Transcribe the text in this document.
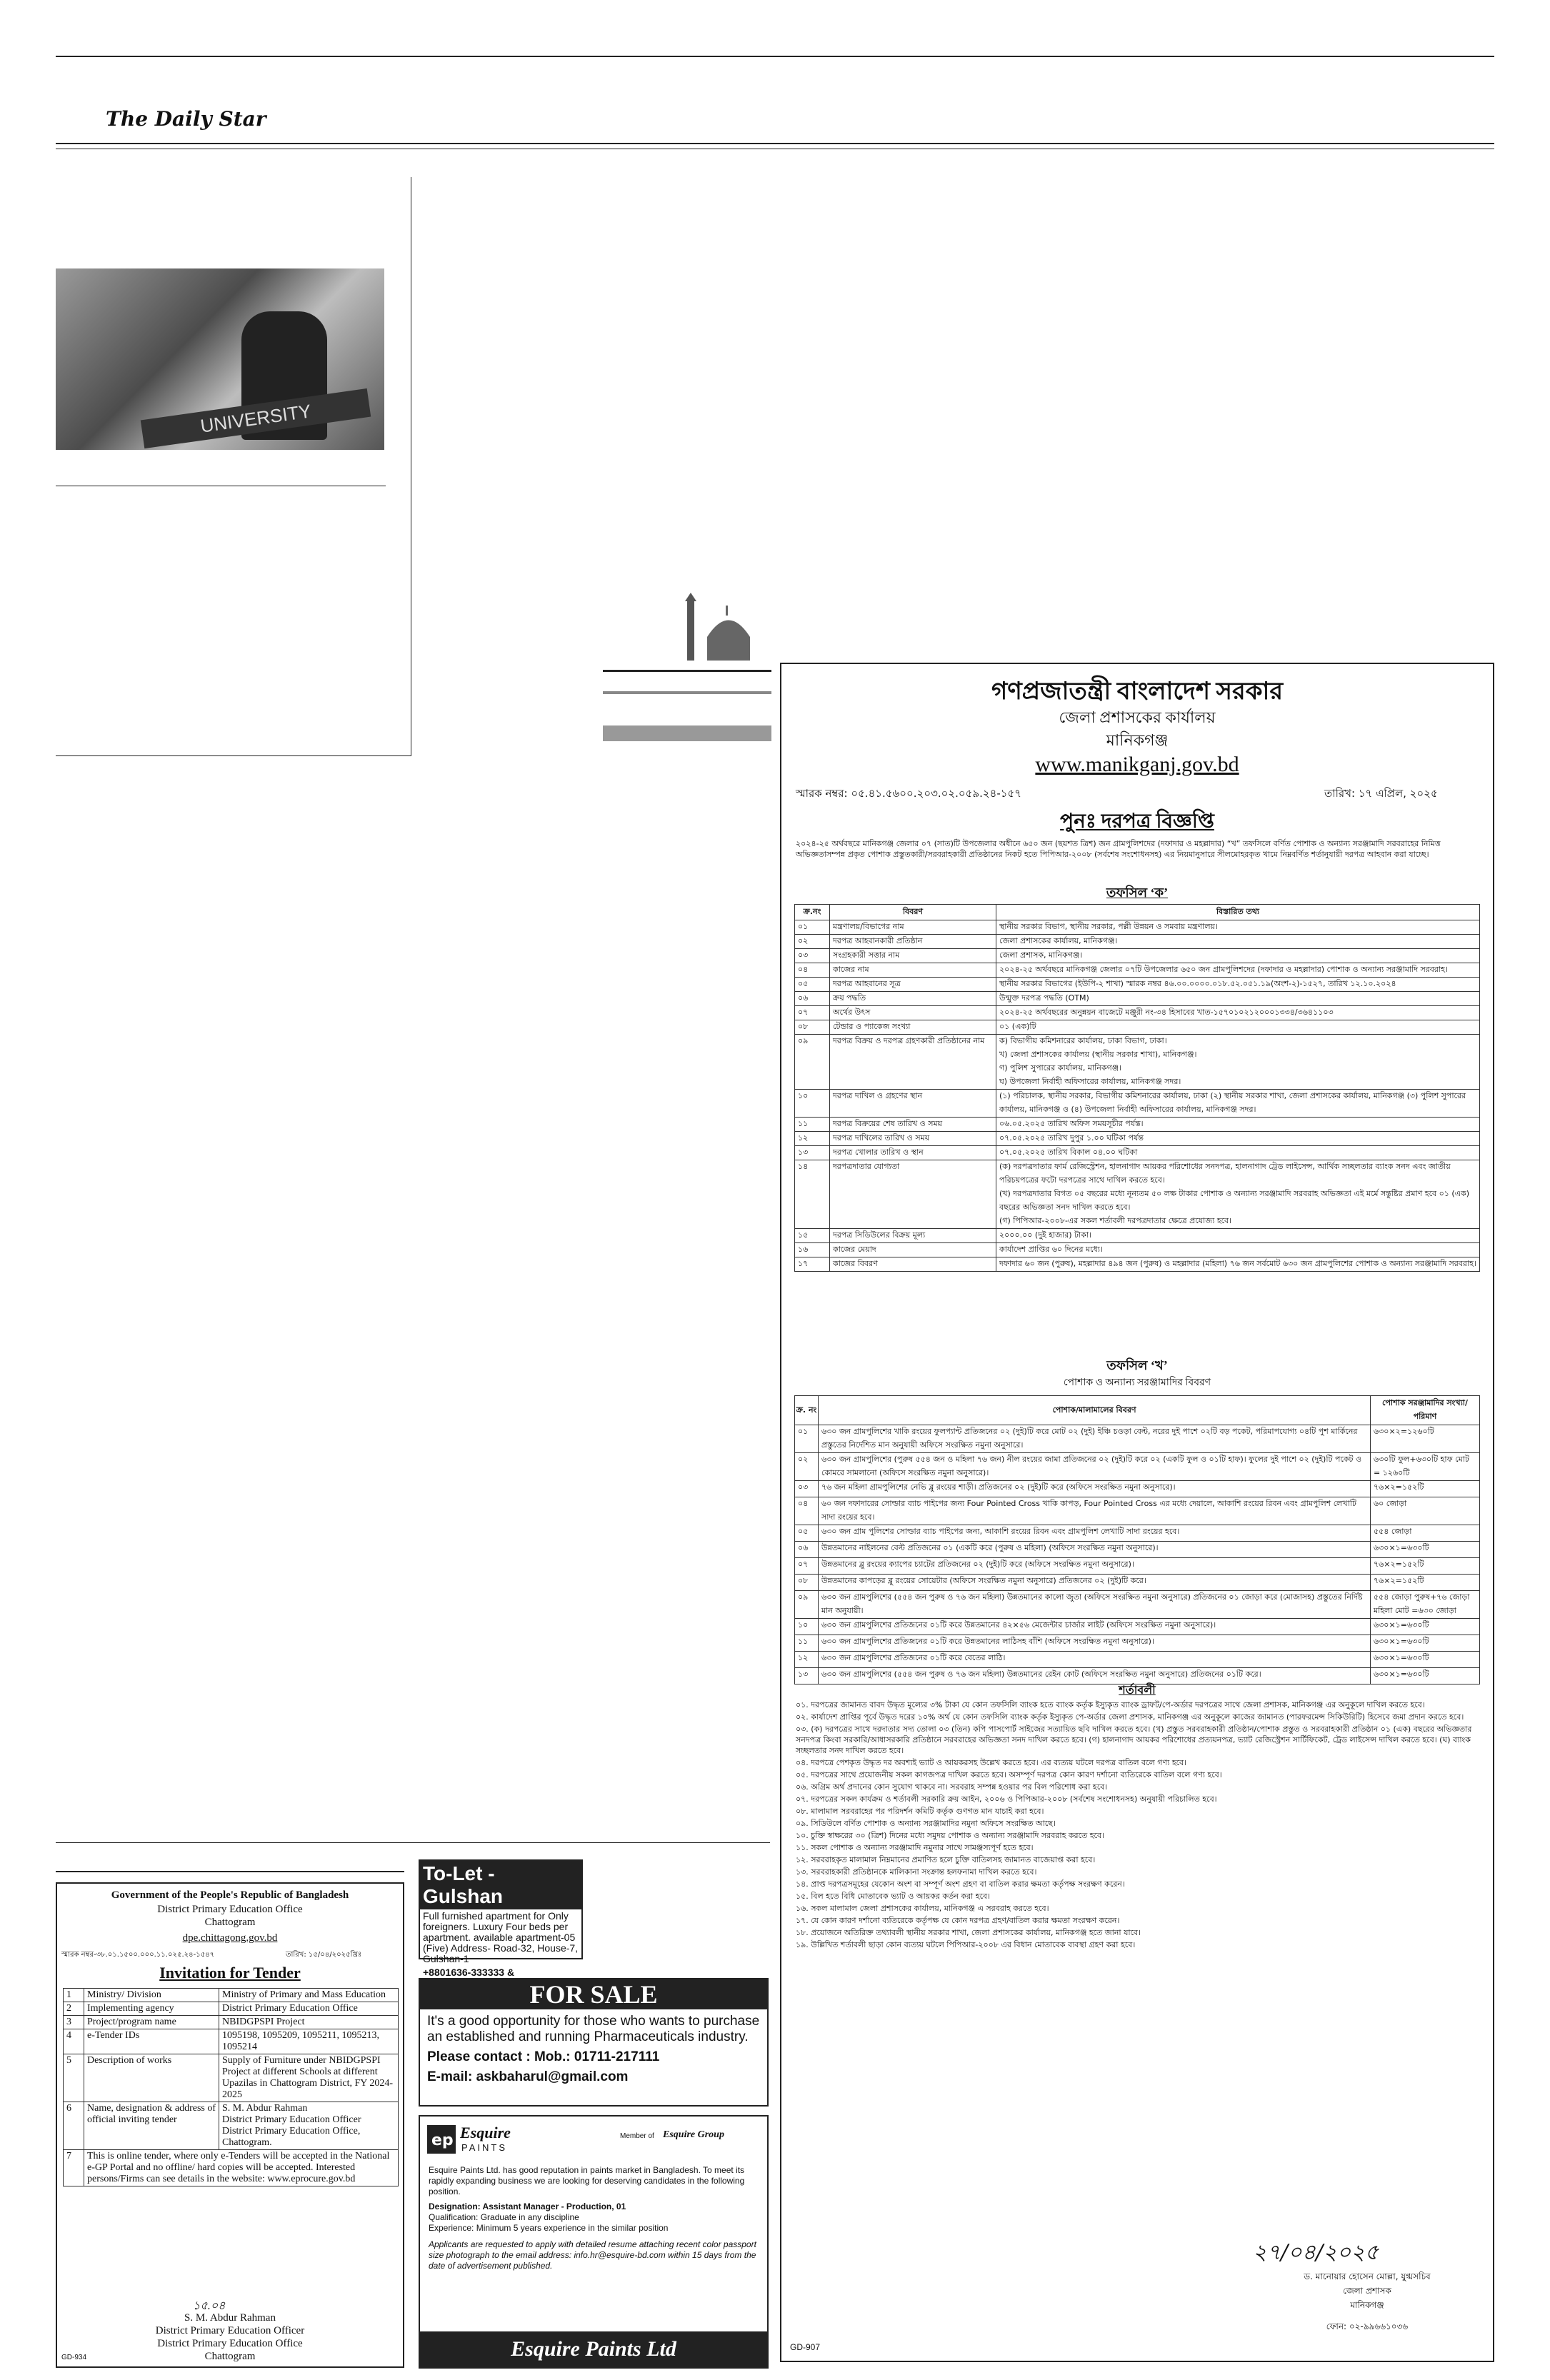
The Daily Star
UNIVERSITY
গণপ্রজাতন্ত্রী বাংলাদেশ সরকার
জেলা প্রশাসকের কার্যালয়
মানিকগঞ্জ
www.manikganj.gov.bd
স্মারক নম্বর: ০৫.৪১.৫৬০০.২০৩.০২.০৫৯.২৪-১৫৭	তারিখ: ১৭ এপ্রিল, ২০২৫
পুনঃ দরপত্র বিজ্ঞপ্তি
২০২৪-২৫ অর্থবছরে মানিকগঞ্জ জেলার ০৭ (সাত)টি উপজেলার অধীনে ৬৫০ জন (ছয়শত ত্রিশ) জন গ্রামপুলিশদের (দফাদার ও মহল্লাদার) “খ” তফসিলে বর্ণিত পোশাক ও অন্যান্য সরঞ্জামাদি সরবরাহের নিমিত্ত অভিজ্ঞতাসম্পন্ন প্রকৃত পোশাক প্রস্তুতকারী/সরবরাহকারী প্রতিষ্ঠানের নিকট হতে পিপিআর-২০০৮ (সর্বশেষ সংশোধনসহ) এর নিয়মানুসারে সীলমোহরকৃত খামে নিম্নবর্ণিত শর্তানুযায়ী দরপত্র আহবান করা যাচ্ছে।
তফসিল ‘ক’
ক্র.নং	বিবরণ	বিস্তারিত তথ্য
০১	মন্ত্রণালয়/বিভাগের নাম	স্থানীয় সরকার বিভাগ, স্থানীয় সরকার, পল্লী উন্নয়ন ও সমবায় মন্ত্রণালয়।
০২	দরপত্র আহবানকারী প্রতিষ্ঠান	জেলা প্রশাসকের কার্যালয়, মানিকগঞ্জ।
০৩	সংগ্রহকারী সত্তার নাম	জেলা প্রশাসক, মানিকগঞ্জ।
০৪	কাজের নাম	২০২৪-২৫ অর্থবছরে মানিকগঞ্জ জেলার ০৭টি উপজেলার ৬৫০ জন গ্রামপুলিশদের (দফাদার ও মহল্লাদার) পোশাক ও অন্যান্য সরঞ্জামাদি সরবরাহ।
০৫	দরপত্র আহবানের সূত্র	স্থানীয় সরকার বিভাগের (ইউপি-২ শাখা) স্মারক নম্বর ৪৬.০০.০০০০.০১৮.৫২.০৫১.১৯(অংশ-২)-১৫২৭, তারিখ ১২.১০.২০২৪
০৬	ক্রয় পদ্ধতি	উন্মুক্ত দরপত্র পদ্ধতি (OTM)
০৭	অর্থের উৎস	২০২৪-২৫ অর্থবছরের অনুন্নয়ন বাজেটে মঞ্জুরী নং-৩৪ হিসাবের খাত-১৫৭০১০২১২০০০১৩৩৪/৩৬৪১১০৩
০৮	টেন্ডার ও প্যাকেজ সংখ্যা	০১ (এক)টি
০৯	দরপত্র বিক্রয় ও দরপত্র গ্রহণকারী প্রতিষ্ঠানের নাম	ক) বিভাগীয় কমিশনারের কার্যালয়, ঢাকা বিভাগ, ঢাকা।
খ) জেলা প্রশাসকের কার্যালয় (স্থানীয় সরকার শাখা), মানিকগঞ্জ।
গ) পুলিশ সুপারের কার্যালয়, মানিকগঞ্জ।
ঘ) উপজেলা নির্বাহী অফিসারের কার্যালয়, মানিকগঞ্জ সদর।
১০	দরপত্র দাখিল ও গ্রহণের স্থান	(১) পরিচালক, স্থানীয় সরকার, বিভাগীয় কমিশনারের কার্যালয়, ঢাকা (২) স্থানীয় সরকার শাখা, জেলা প্রশাসকের কার্যালয়, মানিকগঞ্জ (৩) পুলিশ সুপারের কার্যালয়, মানিকগঞ্জ ও (৪) উপজেলা নির্বাহী অফিসারের কার্যালয়, মানিকগঞ্জ সদর।
১১	দরপত্র বিক্রয়ের শেষ তারিখ ও সময়	০৬.০৫.২০২৫ তারিখ অফিস সময়সূচীর পর্যন্ত।
১২	দরপত্র দাখিলের তারিখ ও সময়	০৭.০৫.২০২৫ তারিখ দুপুর ১.০০ ঘটিকা পর্যন্ত
১৩	দরপত্র খোলার তারিখ ও স্থান	০৭.০৫.২০২৫ তারিখ বিকাল ০৪.০০ ঘটিকা
১৪	দরপত্রদাতার যোগ্যতা	(ক) দরপত্রদাতার ফার্ম রেজিস্ট্রেশন, হালনাগাদ আয়কর পরিশোধের সনদপত্র, হালনাগাদ ট্রেড লাইসেন্স, আর্থিক সচ্ছলতার ব্যাংক সনদ এবং জাতীয় পরিচয়পত্রের ফটো দরপত্রের সাথে দাখিল করতে হবে।
(খ) দরপত্রদাতার বিগত ০৫ বছরের মধ্যে নূন্যতম ৫০ লক্ষ টাকার পোশাক ও অন্যান্য সরঞ্জামাদি সরবরাহ অভিজ্ঞতা এই মর্মে সন্তুষ্টির প্রমাণ হবে ০১ (এক) বছরের অভিজ্ঞতা সনদ দাখিল করতে হবে।
(গ) পিপিআর-২০০৮-এর সকল শর্তাবলী দরপত্রদাতার ক্ষেত্রে প্রযোজ্য হবে।
১৫	দরপত্র সিডিউলের বিক্রয় মূল্য	২০০০.০০ (দুই হাজার) টাকা।
১৬	কাজের মেয়াদ	কার্যাদেশ প্রাপ্তির ৬০ দিনের মধ্যে।
১৭	কাজের বিবরণ	দফাদার ৬০ জন (পুরুষ), মহল্লাদার ৪৯৪ জন (পুরুষ) ও মহল্লাদার (মহিলা) ৭৬ জন সর্বমোট ৬৩০ জন গ্রামপুলিশের পোশাক ও অন্যান্য সরঞ্জামাদি সরবরাহ।
তফসিল ‘খ’
পোশাক ও অন্যান্য সরঞ্জামাদির বিবরণ
ক্র. নং	পোশাক/মালামালের বিবরণ	পোশাক সরঞ্জামাদির সংখ্যা/পরিমাণ
০১	৬৩০ জন গ্রামপুলিশের খাকি রংয়ের ফুলপ্যান্ট প্রতিজনের ০২ (দুই)টি করে মোট ০২ (দুই) ইঞ্চি চওড়া বেল্ট, নরের দুই পাশে ০২টি বড় পকেট, পরিমাপযোগ্য ০৪টি পুশ মার্কিনের প্রস্তুতের নির্দেশিত মান অনুযায়ী অফিসে সংরক্ষিত নমুনা অনুসারে।	৬৩০×২=১২৬০টি
০২	৬৩০ জন গ্রামপুলিশের (পুরুষ ৫৫৪ জন ও মহিলা ৭৬ জন) নীল রংয়ের জামা প্রতিজনের ০২ (দুই)টি করে ০২ (একটি ফুল ও ০১টি হাফ)। ফুলের দুই পাশে ০২ (দুই)টি পকেট ও কোমরে সামলানো (অফিসে সংরক্ষিত নমুনা অনুসারে)।	৬৩০টি ফুল+৬৩০টি হাফ মোট = ১২৬০টি
০৩	৭৬ জন মহিলা গ্রামপুলিশের নেভি ব্লু রংয়ের শাড়ী। প্রতিজনের ০২ (দুই)টি করে (অফিসে সংরক্ষিত নমুনা অনুসারে)।	৭৬×২=১৫২টি
০৪	৬০ জন দফাদারের সোল্ডার ব্যাচ পাইপের জন্য Four Pointed Cross খাকি কাপড়, Four Pointed Cross এর মধ্যে দেয়ালে, আকাশি রংয়ের রিবন এবং গ্রামপুলিশ লেখাটি সাদা রংয়ের হবে।	৬০ জোড়া
০৫	৬৩০ জন গ্রাম পুলিশের সোল্ডার ব্যাচ পাইপের জন্য, আকাশি রংয়ের রিবন এবং গ্রামপুলিশ লেখাটি সাদা রংয়ের হবে।	৫৫৪ জোড়া
০৬	উন্নতমানের নাইলনের বেল্ট প্রতিজনের ০১ (একটি করে (পুরুষ ও মহিলা) (অফিসে সংরক্ষিত নমুনা অনুসারে)।	৬৩০×১=৬৩০টি
০৭	উন্নতমানের ব্লু রংয়ের ক্যাপের চ্যাটের প্রতিজনের ০২ (দুই)টি করে (অফিসে সংরক্ষিত নমুনা অনুসারে)।	৭৬×২=১৫২টি
০৮	উন্নতমানের কাপড়ের ব্লু রংয়ের সোয়েটার (অফিসে সংরক্ষিত নমুনা অনুসারে) প্রতিজনের ০২ (দুই)টি করে।	৭৬×২=১৫২টি
০৯	৬৩০ জন গ্রামপুলিশের (৫৫৪ জন পুরুষ ও ৭৬ জন মহিলা) উন্নতমানের কালো জুতা (অফিসে সংরক্ষিত নমুনা অনুসারে) প্রতিজনের ০১ জোড়া করে (মোজাসহ) প্রস্তুতের নির্দিষ্ট মান অনুযায়ী।	৫৫৪ জোড়া পুরুষ+৭৬ জোড়া মহিলা মোট =৬৩০ জোড়া
১০	৬৩০ জন গ্রামপুলিশের প্রতিজনের ০১টি করে উন্নতমানের ৪২×৫৬ মেজেন্টার চার্জার লাইট (অফিসে সংরক্ষিত নমুনা অনুসারে)।	৬৩০×১=৬৩০টি
১১	৬৩০ জন গ্রামপুলিশের প্রতিজনের ০১টি করে উন্নতমানের লাঠিসহ বাঁশি (অফিসে সংরক্ষিত নমুনা অনুসারে)।	৬৩০×১=৬৩০টি
১২	৬৩০ জন গ্রামপুলিশের প্রতিজনের ০১টি করে বেতের লাঠি।	৬৩০×১=৬৩০টি
১৩	৬৩০ জন গ্রামপুলিশের (৫৫৪ জন পুরুষ ও ৭৬ জন মহিলা) উন্নতমানের রেইন কোট (অফিসে সংরক্ষিত নমুনা অনুসারে) প্রতিজনের ০১টি করে।	৬৩০×১=৬৩০টি
শর্তাবলী

০১. দরপত্রের জামানত বাবদ উদ্ধৃত মূল্যের ৩% টাকা যে কোন তফসিলি ব্যাংক হতে ব্যাংক কর্তৃক ইস্যুকৃত ব্যাংক ড্রাফট/পে-অর্ডার দরপত্রের সাথে জেলা প্রশাসক, মানিকগঞ্জ এর অনুকূলে দাখিল করতে হবে।

০২. কার্যাদেশ প্রাপ্তির পূর্বে উদ্ধৃত দরের ১০% অর্থ যে কোন তফসিলি ব্যাংক কর্তৃক ইস্যুকৃত পে-অর্ডার জেলা প্রশাসক, মানিকগঞ্জ এর অনুকূলে কাজের জামানত (পারফরমেন্স সিকিউরিটি) হিসেবে জমা প্রদান করতে হবে।

০৩. (ক) দরপত্রের সাথে দরদাতার সদ্য তোলা ০৩ (তিন) কপি পাসপোর্ট সাইজের সত্যায়িত ছবি দাখিল করতে হবে। (খ) প্রস্তুত সরবরাহকারী প্রতিষ্ঠান/পোশাক প্রস্তুত ও সরবরাহকারী প্রতিষ্ঠান ০১ (এক) বছরের অভিজ্ঞতার সনদপত্র কিংবা সরকারি/আধাসরকারি প্রতিষ্ঠানে সরবরাহের অভিজ্ঞতা সনদ দাখিল করতে হবে। (গ) হালনাগাদ আয়কর পরিশোধের প্রত্যয়নপত্র, ভ্যাট রেজিস্ট্রেশন সার্টিফিকেট, ট্রেড লাইসেন্স দাখিল করতে হবে। (ঘ) ব্যাংক সচ্ছলতার সনদ দাখিল করতে হবে।

০৪. দরপত্রে পেশকৃত উদ্ধৃত দর অবশ্যই ভ্যাট ও আয়করসহ উল্লেখ করতে হবে। এর ব্যত্যয় ঘটলে দরপত্র বাতিল বলে গণ্য হবে।

০৫. দরপত্রের সাথে প্রয়োজনীয় সকল কাগজপত্র দাখিল করতে হবে। অসম্পূর্ণ দরপত্র কোন কারণ দর্শানো ব্যতিরেকে বাতিল বলে গণ্য হবে।

০৬. অগ্রিম অর্থ প্রদানের কোন সুযোগ থাকবে না। সরবরাহ সম্পন্ন হওয়ার পর বিল পরিশোধ করা হবে।

০৭. দরপত্রের সকল কার্যক্রম ও শর্তাবলী সরকারি ক্রয় আইন, ২০০৬ ও পিপিআর-২০০৮ (সর্বশেষ সংশোধনসহ) অনুযায়ী পরিচালিত হবে।

০৮. মালামাল সরবরাহের পর পরিদর্শন কমিটি কর্তৃক গুণগত মান যাচাই করা হবে।

০৯. সিডিউলে বর্ণিত পোশাক ও অন্যান্য সরঞ্জামাদির নমুনা অফিসে সংরক্ষিত আছে।

১০. চুক্তি স্বাক্ষরের ৩০ (ত্রিশ) দিনের মধ্যে সমুদয় পোশাক ও অন্যান্য সরঞ্জামাদি সরবরাহ করতে হবে।

১১. সকল পোশাক ও অন্যান্য সরঞ্জামাদি নমুনার সাথে সামঞ্জস্যপূর্ণ হতে হবে।

১২. সরবরাহকৃত মালামাল নিম্নমানের প্রমাণিত হলে চুক্তি বাতিলসহ জামানত বাজেয়াপ্ত করা হবে।

১৩. সরবরাহকারী প্রতিষ্ঠানকে মালিকানা সংক্রান্ত হলফনামা দাখিল করতে হবে।

১৪. প্রাপ্ত দরপত্রসমূহের যেকোন অংশ বা সম্পূর্ণ অংশ গ্রহণ বা বাতিল করার ক্ষমতা কর্তৃপক্ষ সংরক্ষণ করেন।

১৫. বিল হতে বিধি মোতাবেক ভ্যাট ও আয়কর কর্তন করা হবে।

১৬. সকল মালামাল জেলা প্রশাসকের কার্যালয়, মানিকগঞ্জ এ সরবরাহ করতে হবে।

১৭. যে কোন কারণ দর্শানো ব্যতিরেকে কর্তৃপক্ষ যে কোন দরপত্র গ্রহণ/বাতিল করার ক্ষমতা সংরক্ষণ করেন।

১৮. প্রয়োজনে অতিরিক্ত তথ্যাবলী স্থানীয় সরকার শাখা, জেলা প্রশাসকের কার্যালয়, মানিকগঞ্জ হতে জানা যাবে।

১৯. উল্লিখিত শর্তাবলী ছাড়া কোন ব্যত্যয় ঘটলে পিপিআর-২০০৮ এর বিধান মোতাবেক ব্যবস্থা গ্রহণ করা হবে।

২৭/০৪/২০২৫
ড. মানোয়ার হোসেন মোল্লা, যুগ্মসচিব
জেলা প্রশাসক
মানিকগঞ্জ
ফোন: ০২-৯৯৬৬১০৩৬
GD-907
Government of the People's Republic of Bangladesh
District Primary Education Office
Chattogram
dpe.chittagong.gov.bd
স্মারক নম্বর-৩৮.০১.১৫০০.০০০.১১.০২৫.২৪-১৫৪৭	তারিখ: ১৫/০৪/২০২৫খ্রিঃ
Invitation for Tender
1	Ministry/ Division	Ministry of Primary and Mass Education
2	Implementing agency	District Primary Education Office
3	Project/program name	NBIDGPSPI Project
4	e-Tender IDs	1095198, 1095209, 1095211, 1095213, 1095214
5	Description of works	Supply of Furniture under NBIDGPSPI Project at different Schools at different Upazilas in Chattogram District, FY 2024-2025
6	Name, designation & address of official inviting tender	S. M. Abdur Rahman
District Primary Education Officer
District Primary Education Office, Chattogram.
7	This is online tender, where only e-Tenders will be accepted in the National e-GP Portal and no offline/ hard copies will be accepted. Interested persons/Firms can see details in the website: www.eprocure.gov.bd	
১৫.০৪
S. M. Abdur Rahman
District Primary Education Officer
District Primary Education Office
Chattogram
GD-934
To-Let - Gulshan
Full furnished apartment for Only foreigners. Luxury Four beds per apartment. available apartment-05 (Five) Address- Road-32, House-7, Gulshan-1
+8801636-333333 &

FOR SALE
It's a good opportunity for those who wants to purchase an established and running Pharmaceuticals industry.
Please contact : Mob.: 01711-217111
E-mail: askbaharul@gmail.com
ep Esquire
PAINTS
Member of Esquire Group
Esquire Paints Ltd. has good reputation in paints market in Bangladesh. To meet its rapidly expanding business we are looking for deserving candidates in the following position.
Designation: Assistant Manager - Production, 01
Qualification: Graduate in any discipline
Experience: Minimum 5 years experience in the similar position
Applicants are requested to apply with detailed resume attaching recent color passport size photograph to the email address: info.hr@esquire-bd.com within 15 days from the date of advertisement published.
Esquire Paints Ltd
